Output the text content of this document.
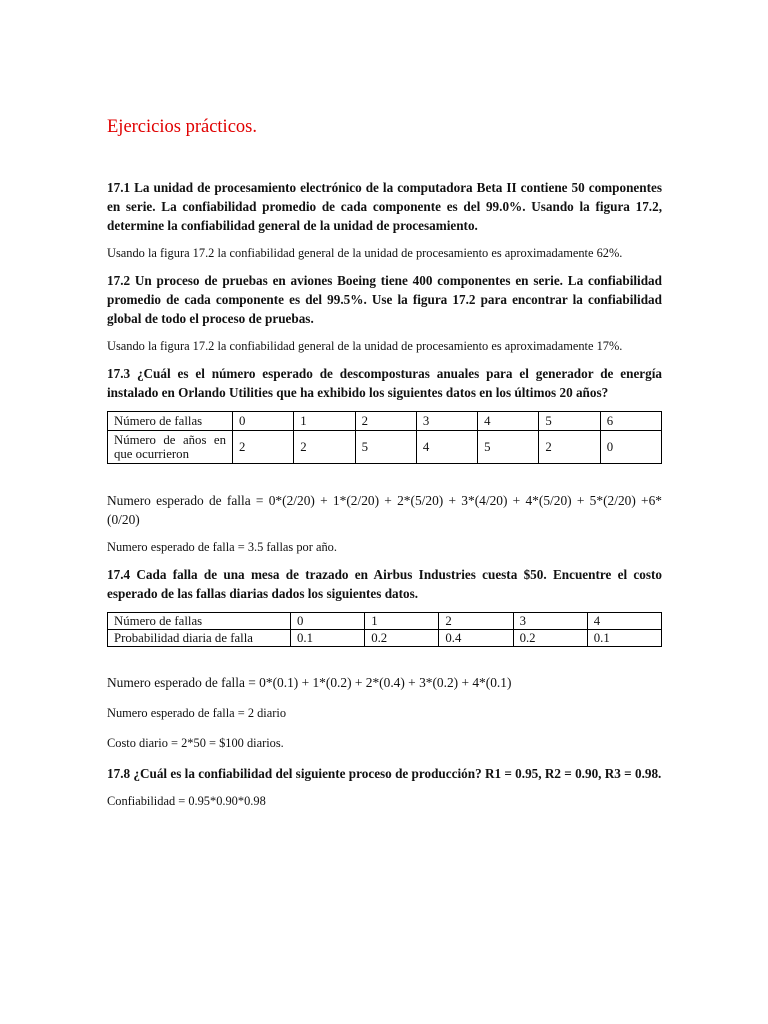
Ejercicios prácticos.

17.1 La unidad de procesamiento electrónico de la computadora Beta II contiene 50 componentes en serie. La confiabilidad promedio de cada componente es del 99.0%. Usando la figura 17.2, determine la confiabilidad general de la unidad de procesamiento.

Usando la figura 17.2 la confiabilidad general de la unidad de procesamiento es aproximadamente 62%.

17.2 Un proceso de pruebas en aviones Boeing tiene 400 componentes en serie. La confiabilidad promedio de cada componente es del 99.5%. Use la figura 17.2 para encontrar la confiabilidad global de todo el proceso de pruebas.

Usando la figura 17.2 la confiabilidad general de la unidad de procesamiento es aproximadamente 17%.

17.3 ¿Cuál es el número esperado de descomposturas anuales para el generador de energía instalado en Orlando Utilities que ha exhibido los siguientes datos en los últimos 20 años?

Número de fallas	0	1	2	3	4	5	6
Número de años en que ocurrieron	2	2	5	4	5	2	0

Numero esperado de falla = 0*(2/20) + 1*(2/20) + 2*(5/20) + 3*(4/20) + 4*(5/20) + 5*(2/20) +6*(0/20)

Numero esperado de falla = 3.5 fallas por año.

17.4 Cada falla de una mesa de trazado en Airbus Industries cuesta $50. Encuentre el costo esperado de las fallas diarias dados los siguientes datos.

Número de fallas	0	1	2	3	4
Probabilidad diaria de falla	0.1	0.2	0.4	0.2	0.1

Numero esperado de falla = 0*(0.1) + 1*(0.2) + 2*(0.4) + 3*(0.2) + 4*(0.1)

Numero esperado de falla = 2 diario

Costo diario = 2*50 = $100 diarios.

17.8 ¿Cuál es la confiabilidad del siguiente proceso de producción? R1 = 0.95, R2 = 0.90, R3 = 0.98.

Confiabilidad = 0.95*0.90*0.98
